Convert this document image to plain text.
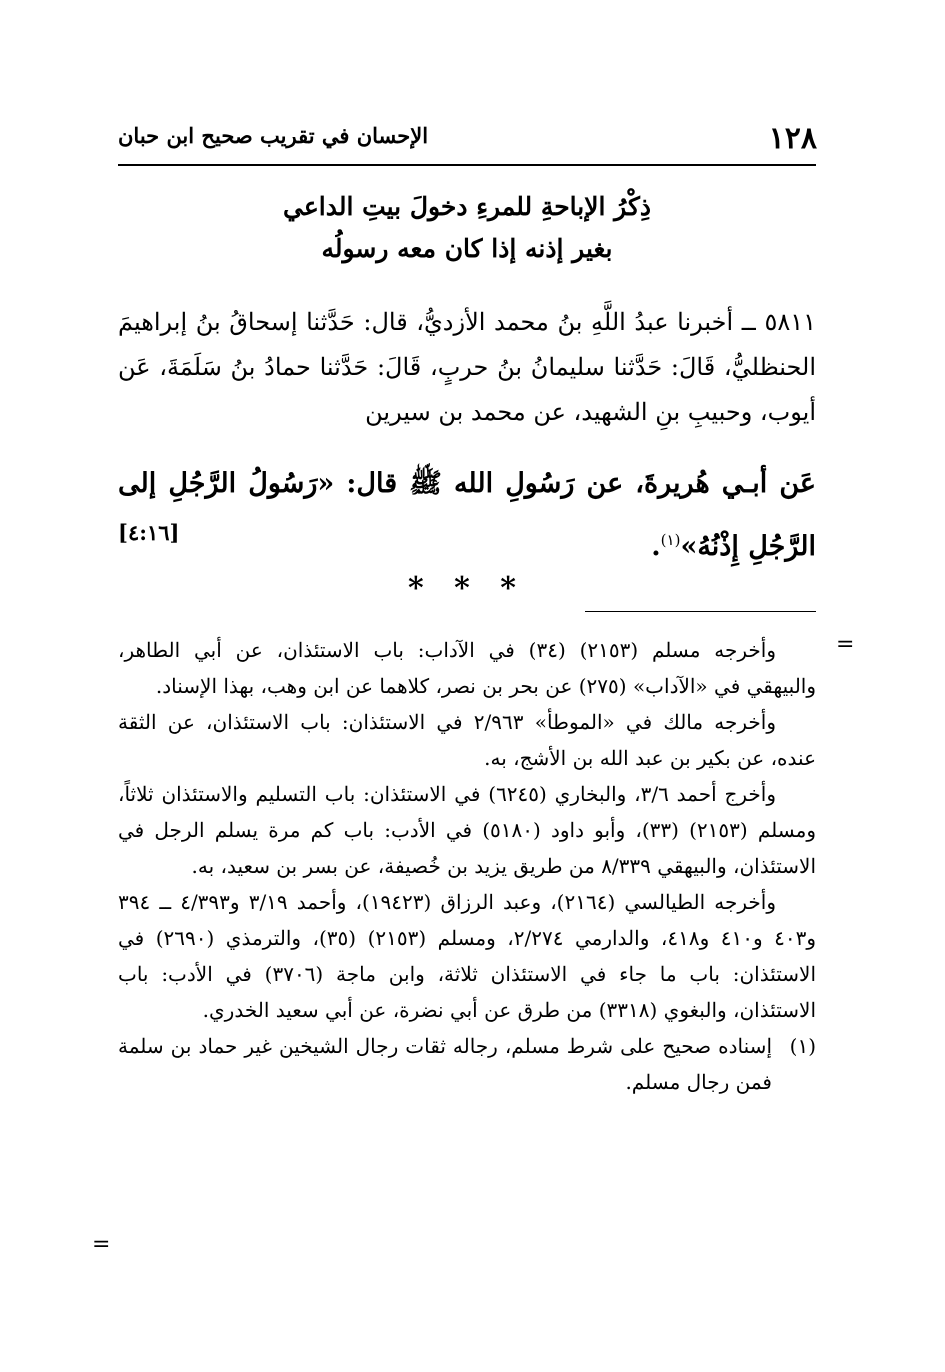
١٢٨
الإحسان في تقريب صحيح ابن حبان
ذِكْرُ الإباحةِ للمرءِ دخولَ بيتِ الداعي
بغير إذنه إذا كان معه رسولُه
٥٨١١ ــ أخبرنا عبدُ اللَّهِ بنُ محمد الأزديُّ، قال: حَدَّثنا إسحاقُ بنُ إبراهيمَ الحنظليُّ، قَالَ: حَدَّثنا سليمانُ بنُ حربٍ، قَالَ: حَدَّثنا حمادُ بنُ سَلَمَةَ، عَن أيوب، وحبيبِ بنِ الشهيد، عن محمد بن سيرين
عَن أبـي هُريرةَ، عن رَسُولِ الله ﷺ قال: «رَسُولُ الرَّجُلِ إلى الرَّجُلِ إِذْنُهُ»$^{(١)}$.
[٤:١٦]
* * *
=

وأخرجه مسلم (٢١٥٣) (٣٤) في الآداب: باب الاستئذان، عن أبي الطاهر، والبيهقي في «الآداب» (٢٧٥) عن بحر بن نصر، كلاهما عن ابن وهب، بهذا الإسناد.

وأخرجه مالك في «الموطأ» ٢/٩٦٣ في الاستئذان: باب الاستئذان، عن الثقة عنده، عن بكير بن عبد الله بن الأشج، به.

وأخرج أحمد ٣/٦، والبخاري (٦٢٤٥) في الاستئذان: باب التسليم والاستئذان ثلاثاً، ومسلم (٢١٥٣) (٣٣)، وأبو داود (٥١٨٠) في الأدب: باب كم مرة يسلم الرجل في الاستئذان، والبيهقي ٨/٣٣٩ من طريق يزيد بن خُصيفة، عن بسر بن سعيد، به.

وأخرجه الطيالسي (٢١٦٤)، وعبد الرزاق (١٩٤٢٣)، وأحمد ٣/١٩ و٤/٣٩٣ ــ ٣٩٤ و٤٠٣ و٤١٠ و٤١٨، والدارمي ٢/٢٧٤، ومسلم (٢١٥٣) (٣٥)، والترمذي (٢٦٩٠) في الاستئذان: باب ما جاء في الاستئذان ثلاثة، وابن ماجة (٣٧٠٦) في الأدب: باب الاستئذان، والبغوي (٣٣١٨) من طرق عن أبي نضرة، عن أبي سعيد الخدري.

(١)
إسناده صحيح على شرط مسلم، رجاله ثقات رجال الشيخين غير حماد بن سلمة فمن رجال مسلم.
=
